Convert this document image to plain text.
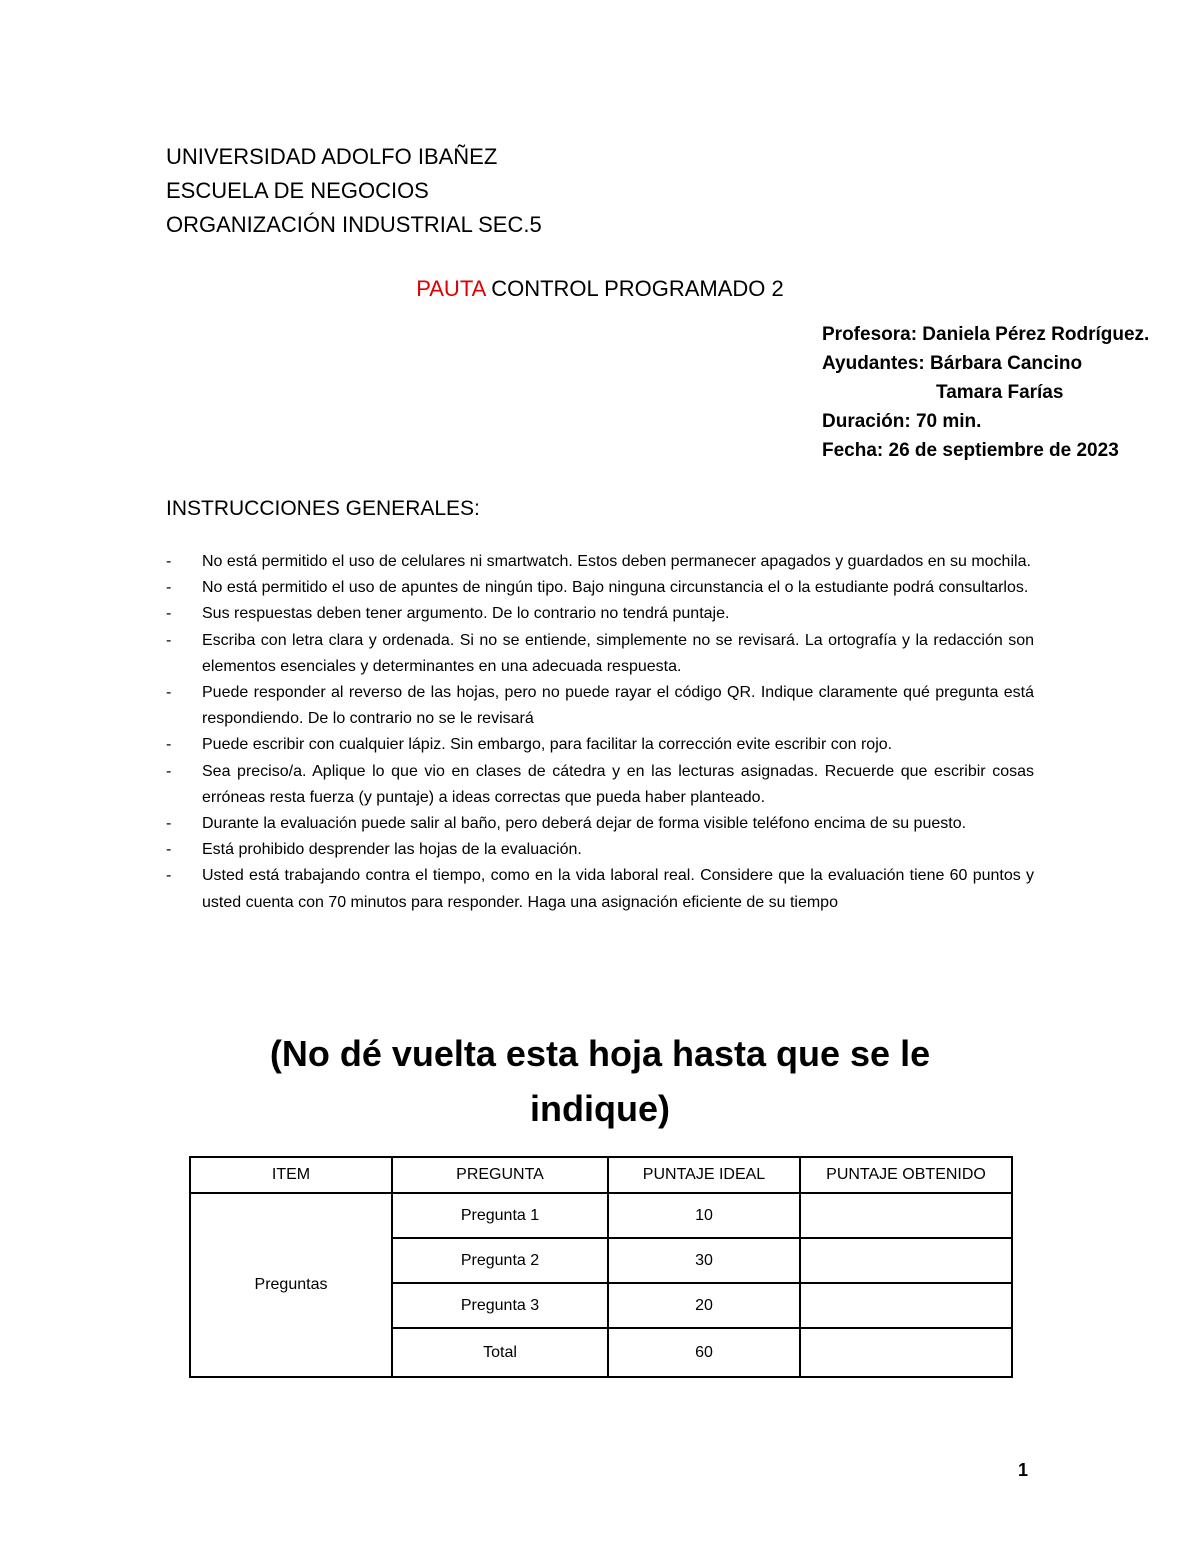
UNIVERSIDAD ADOLFO IBAÑEZ
ESCUELA DE NEGOCIOS
ORGANIZACIÓN INDUSTRIAL SEC.5
PAUTA CONTROL PROGRAMADO 2
Profesora: Daniela Pérez Rodríguez.
Ayudantes: Bárbara Cancino
Tamara Farías
Duración: 70 min.
Fecha: 26 de septiembre de 2023
INSTRUCCIONES GENERALES:
- No está permitido el uso de celulares ni smartwatch. Estos deben permanecer apagados y guardados en su mochila.
- No está permitido el uso de apuntes de ningún tipo. Bajo ninguna circunstancia el o la estudiante podrá consultarlos.
- Sus respuestas deben tener argumento. De lo contrario no tendrá puntaje.
- Escriba con letra clara y ordenada. Si no se entiende, simplemente no se revisará. La ortografía y la redacción son elementos esenciales y determinantes en una adecuada respuesta.
- Puede responder al reverso de las hojas, pero no puede rayar el código QR. Indique claramente qué pregunta está respondiendo. De lo contrario no se le revisará
- Puede escribir con cualquier lápiz. Sin embargo, para facilitar la corrección evite escribir con rojo.
- Sea preciso/a. Aplique lo que vio en clases de cátedra y en las lecturas asignadas. Recuerde que escribir cosas erróneas resta fuerza (y puntaje) a ideas correctas que pueda haber planteado.
- Durante la evaluación puede salir al baño, pero deberá dejar de forma visible teléfono encima de su puesto.
- Está prohibido desprender las hojas de la evaluación.
- Usted está trabajando contra el tiempo, como en la vida laboral real. Considere que la evaluación tiene 60 puntos y usted cuenta con 70 minutos para responder. Haga una asignación eficiente de su tiempo
(No dé vuelta esta hoja hasta que se le indique)
ITEM	PREGUNTA	PUNTAJE IDEAL	PUNTAJE OBTENIDO
Preguntas	Pregunta 1	10	
	Pregunta 2	30	
	Pregunta 3	20	
	Total	60	
1
